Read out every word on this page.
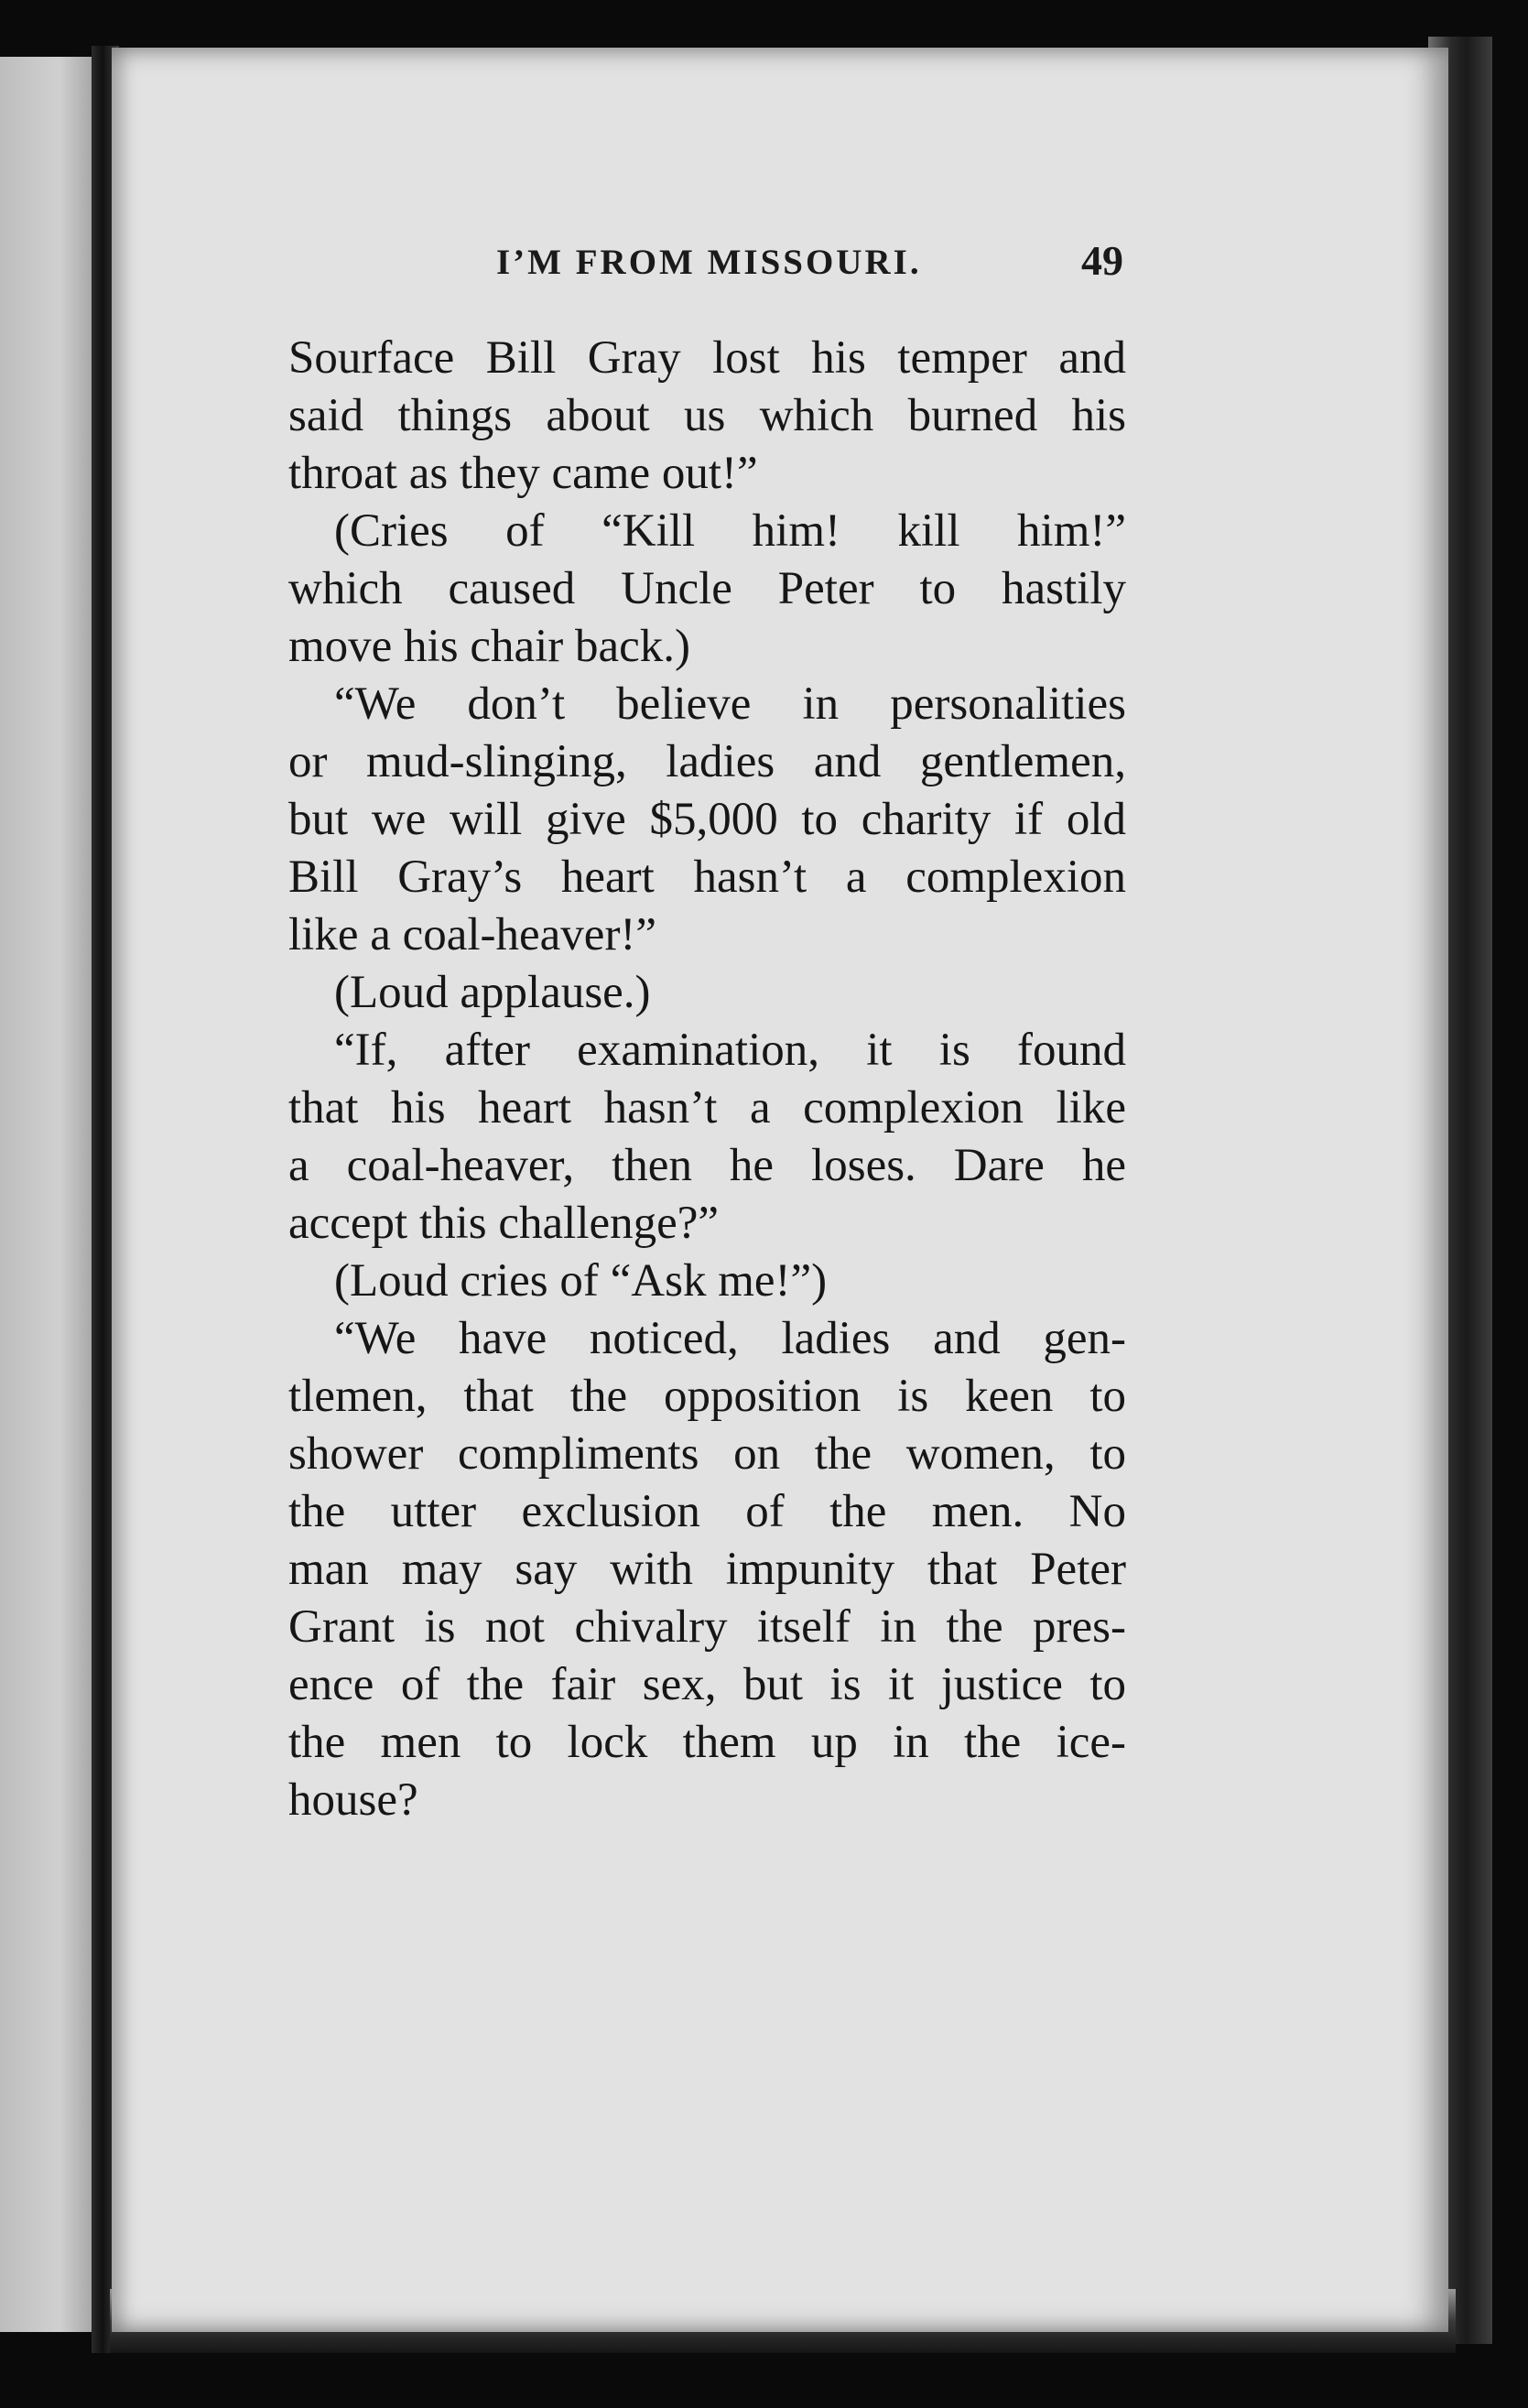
I’M FROM MISSOURI.	49
Sourface Bill Gray lost his temper and
said things about us which burned his
throat as they came out!”
(Cries of “Kill him! kill him!”
which caused Uncle Peter to hastily
move his chair back.)
“We don’t believe in personalities
or mud-slinging, ladies and gentlemen,
but we will give $5,000 to charity if old
Bill Gray’s heart hasn’t a complexion
like a coal-heaver!”
(Loud applause.)
“If, after examination, it is found
that his heart hasn’t a complexion like
a coal-heaver, then he loses. Dare he
accept this challenge?”
(Loud cries of “Ask me!”)
“We have noticed, ladies and gen-
tlemen, that the opposition is keen to
shower compliments on the women, to
the utter exclusion of the men. No
man may say with impunity that Peter
Grant is not chivalry itself in the pres-
ence of the fair sex, but is it justice to
the men to lock them up in the ice-
house?
